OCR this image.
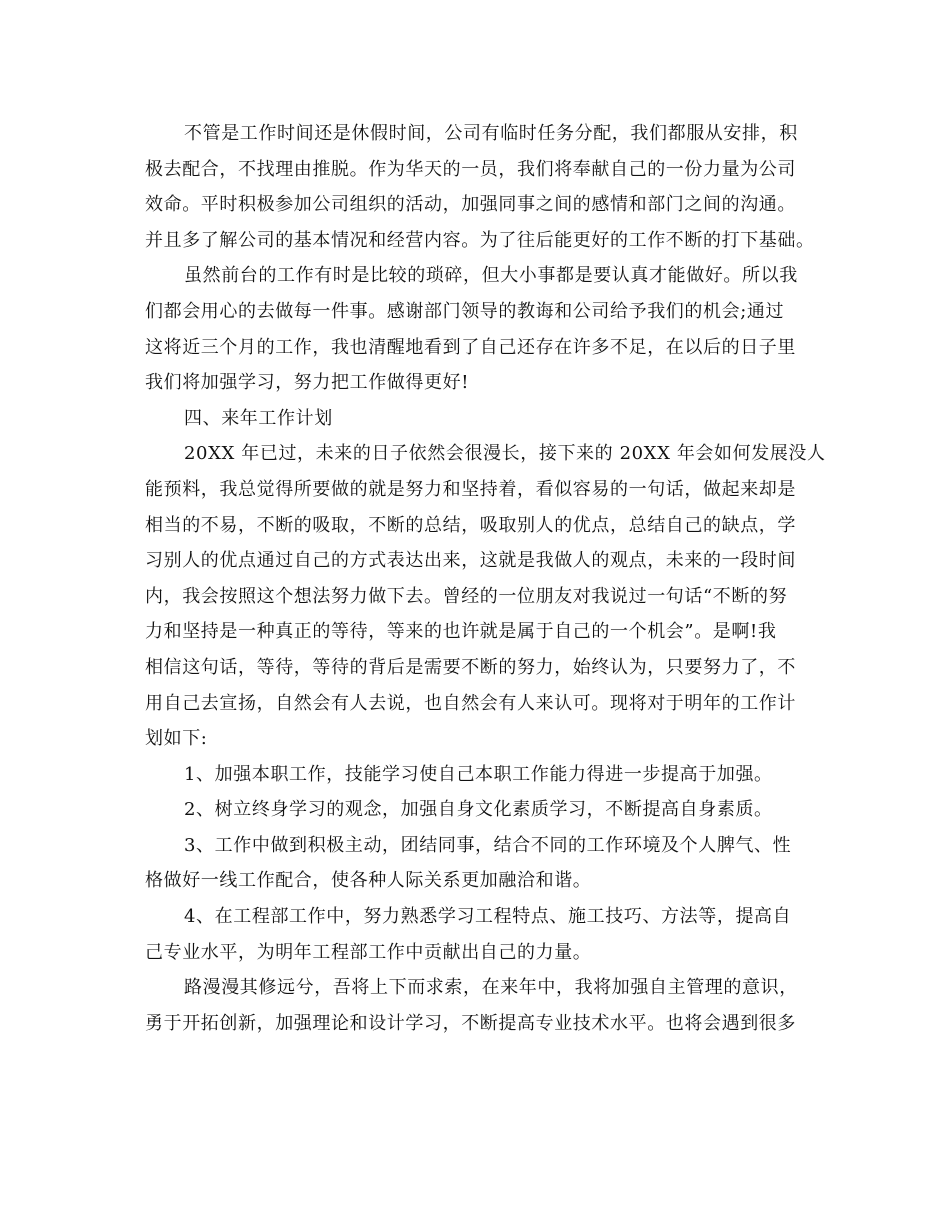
不管是工作时间还是休假时间，公司有临时任务分配，我们都服从安排，积
极去配合，不找理由推脱。作为华天的一员，我们将奉献自己的一份力量为公司
效命。平时积极参加公司组织的活动，加强同事之间的感情和部门之间的沟通。
并且多了解公司的基本情况和经营内容。为了往后能更好的工作不断的打下基础。

虽然前台的工作有时是比较的琐碎，但大小事都是要认真才能做好。所以我
们都会用心的去做每一件事。感谢部门领导的教诲和公司给予我们的机会;通过
这将近三个月的工作，我也清醒地看到了自己还存在许多不足，在以后的日子里
我们将加强学习，努力把工作做得更好!

四、来年工作计划

20XX 年已过，未来的日子依然会很漫长，接下来的 20XX 年会如何发展没人
能预料，我总觉得所要做的就是努力和坚持着，看似容易的一句话，做起来却是
相当的不易，不断的吸取，不断的总结，吸取别人的优点，总结自己的缺点，学
习别人的优点通过自己的方式表达出来，这就是我做人的观点，未来的一段时间
内，我会按照这个想法努力做下去。曾经的一位朋友对我说过一句话“不断的努
力和坚持是一种真正的等待，等来的也许就是属于自己的一个机会”。是啊!我
相信这句话，等待，等待的背后是需要不断的努力，始终认为，只要努力了，不
用自己去宣扬，自然会有人去说，也自然会有人来认可。现将对于明年的工作计
划如下:

1、加强本职工作，技能学习使自己本职工作能力得进一步提高于加强。

2、树立终身学习的观念，加强自身文化素质学习，不断提高自身素质。

3、工作中做到积极主动，团结同事，结合不同的工作环境及个人脾气、性
格做好一线工作配合，使各种人际关系更加融洽和谐。

4、在工程部工作中，努力熟悉学习工程特点、施工技巧、方法等，提高自
己专业水平，为明年工程部工作中贡献出自己的力量。

路漫漫其修远兮，吾将上下而求索，在来年中，我将加强自主管理的意识，
勇于开拓创新，加强理论和设计学习，不断提高专业技术水平。也将会遇到很多
